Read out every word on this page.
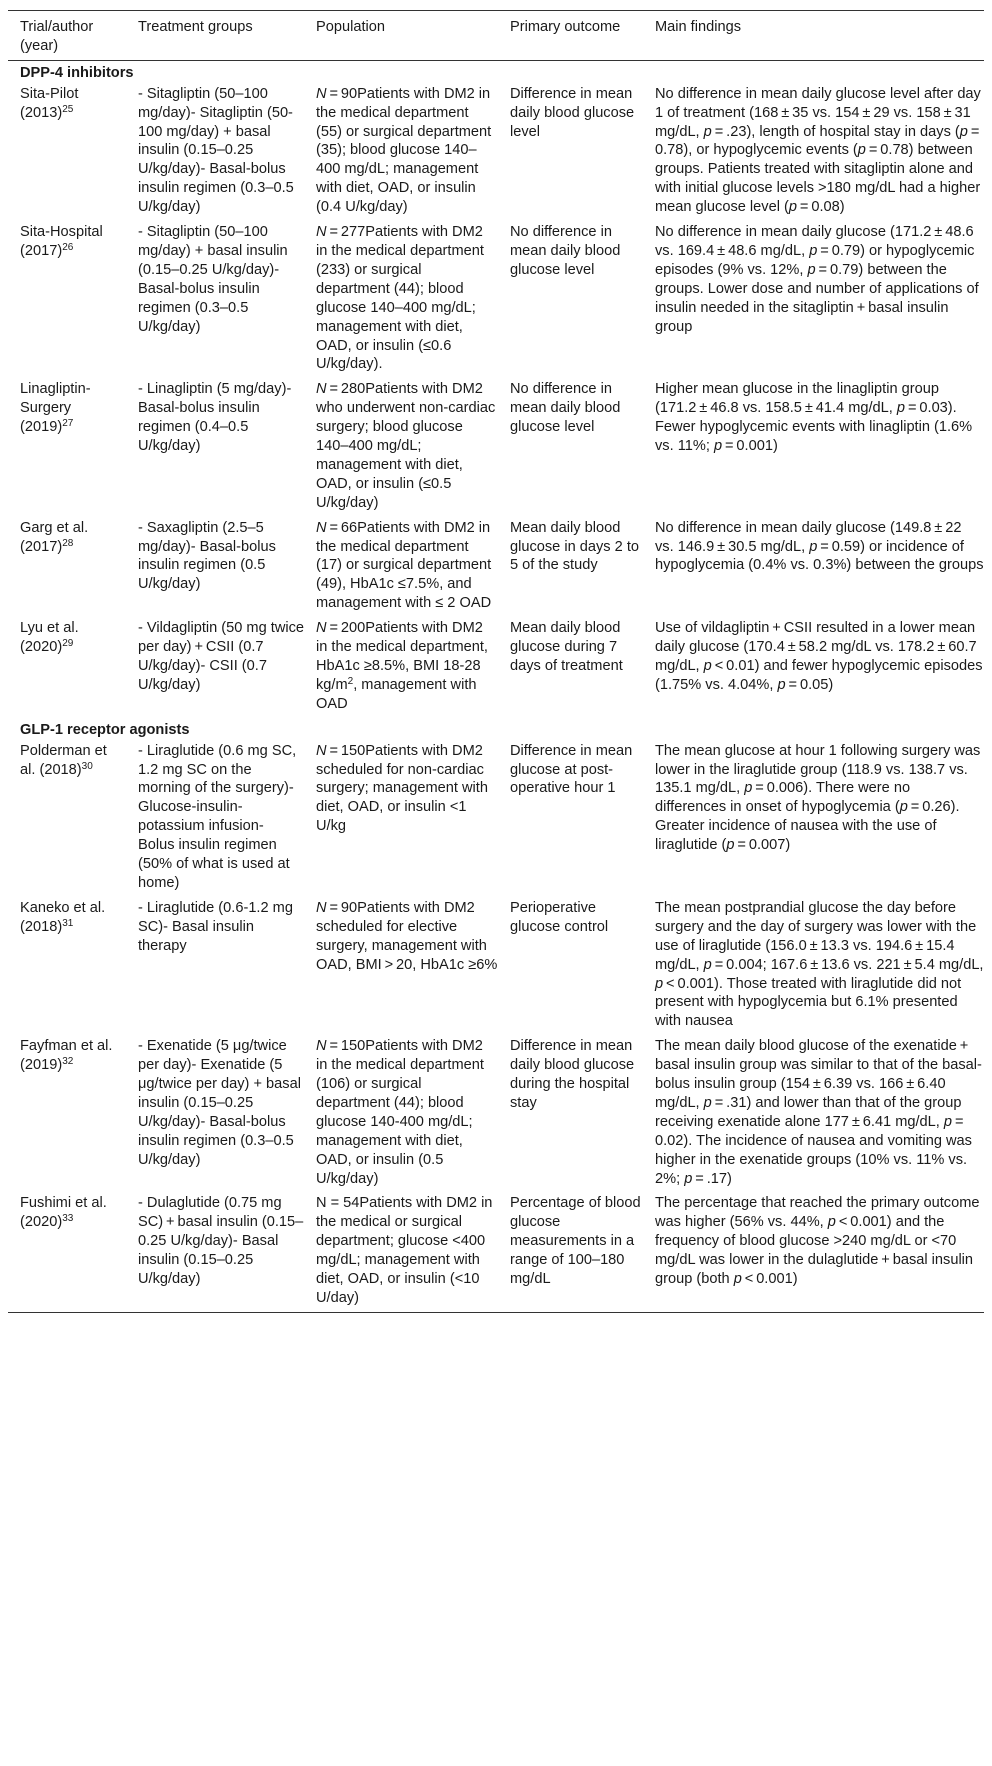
Trial/author (year)	Treatment groups	Population	Primary outcome	Main findings
DPP-4 inhibitors				
Sita-Pilot $(2013)^{25}$	- Sitagliptin (50–100 mg/day)- Sitagliptin (50-100 mg/day) + basal insulin (0.15–0.25 U/kg/day)- Basal-bolus insulin regimen (0.3–0.5 U/kg/day)	N = 90Patients with DM2 in the medical department (55) or surgical department (35); blood glucose 140–400 mg/dL; management with diet, OAD, or insulin (0.4 U/kg/day)	Difference in mean daily blood glucose level	No difference in mean daily glucose level after day 1 of treatment (168 ± 35 vs. 154 ± 29 vs. 158 ± 31 mg/dL, p = .23), length of hospital stay in days (p = 0.78), or hypoglycemic events (p = 0.78) between groups. Patients treated with sitagliptin alone and with initial glucose levels >180 mg/dL had a higher mean glucose level (p = 0.08)
Sita-Hospital $(2017)^{26}$	- Sitagliptin (50–100 mg/day) + basal insulin (0.15–0.25 U/kg/day)- Basal-bolus insulin regimen (0.3–0.5 U/kg/day)	N = 277Patients with DM2 in the medical department (233) or surgical department (44); blood glucose 140–400 mg/dL; management with diet, OAD, or insulin (≤0.6 U/kg/day).	No difference in mean daily blood glucose level	No difference in mean daily glucose (171.2 ± 48.6 vs. 169.4 ± 48.6 mg/dL, p = 0.79) or hypoglycemic episodes (9% vs. 12%, p = 0.79) between the groups. Lower dose and number of applications of insulin needed in the sitagliptin + basal insulin group
Linagliptin-Surgery $(2019)^{27}$	- Linagliptin (5 mg/day)- Basal-bolus insulin regimen (0.4–0.5 U/kg/day)	N = 280Patients with DM2 who underwent non-cardiac surgery; blood glucose 140–400 mg/dL; management with diet, OAD, or insulin (≤0.5 U/kg/day)	No difference in mean daily blood glucose level	Higher mean glucose in the linagliptin group (171.2 ± 46.8 vs. 158.5 ± 41.4 mg/dL, p = 0.03). Fewer hypoglycemic events with linagliptin (1.6% vs. 11%; p = 0.001)
Garg et al. $(2017)^{28}$	- Saxagliptin (2.5–5 mg/day)- Basal-bolus insulin regimen (0.5 U/kg/day)	N = 66Patients with DM2 in the medical department (17) or surgical department (49), HbA1c ≤7.5%, and management with ≤ 2 OAD	Mean daily blood glucose in days 2 to 5 of the study	No difference in mean daily glucose (149.8 ± 22 vs. 146.9 ± 30.5 mg/dL, p = 0.59) or incidence of hypoglycemia (0.4% vs. 0.3%) between the groups
Lyu et al. $(2020)^{29}$	- Vildagliptin (50 mg twice per day) + CSII (0.7 U/kg/day)- CSII (0.7 U/kg/day)	N = 200Patients with DM2 in the medical department, HbA1c ≥8.5%, BMI 18-28 $kg/m^2$, management with OAD	Mean daily blood glucose during 7 days of treatment	Use of vildagliptin + CSII resulted in a lower mean daily glucose (170.4 ± 58.2 mg/dL vs. 178.2 ± 60.7 mg/dL, p < 0.01) and fewer hypoglycemic episodes (1.75% vs. 4.04%, p = 0.05)
GLP-1 receptor agonists				
Polderman et al. $(2018)^{30}$	- Liraglutide (0.6 mg SC, 1.2 mg SC on the morning of the surgery)- Glucose-insulin-potassium infusion- Bolus insulin regimen (50% of what is used at home)	N = 150Patients with DM2 scheduled for non-cardiac surgery; management with diet, OAD, or insulin <1 U/kg	Difference in mean glucose at post-operative hour 1	The mean glucose at hour 1 following surgery was lower in the liraglutide group (118.9 vs. 138.7 vs. 135.1 mg/dL, p = 0.006). There were no differences in onset of hypoglycemia (p = 0.26). Greater incidence of nausea with the use of liraglutide (p = 0.007)
Kaneko et al. $(2018)^{31}$	- Liraglutide (0.6-1.2 mg SC)- Basal insulin therapy	N = 90Patients with DM2 scheduled for elective surgery, management with OAD, BMI > 20, HbA1c ≥6%	Perioperative glucose control	The mean postprandial glucose the day before surgery and the day of surgery was lower with the use of liraglutide (156.0 ± 13.3 vs. 194.6 ± 15.4 mg/dL, p = 0.004; 167.6 ± 13.6 vs. 221 ± 5.4 mg/dL, p < 0.001). Those treated with liraglutide did not present with hypoglycemia but 6.1% presented with nausea
Fayfman et al. $(2019)^{32}$	- Exenatide (5 μg/twice per day)- Exenatide (5 μg/twice per day) + basal insulin (0.15–0.25 U/kg/day)- Basal-bolus insulin regimen (0.3–0.5 U/kg/day)	N = 150Patients with DM2 in the medical department (106) or surgical department (44); blood glucose 140-400 mg/dL; management with diet, OAD, or insulin (0.5 U/kg/day)	Difference in mean daily blood glucose during the hospital stay	The mean daily blood glucose of the exenatide + basal insulin group was similar to that of the basal-bolus insulin group (154 ± 6.39 vs. 166 ± 6.40 mg/dL, p = .31) and lower than that of the group receiving exenatide alone 177 ± 6.41 mg/dL, p = 0.02). The incidence of nausea and vomiting was higher in the exenatide groups (10% vs. 11% vs. 2%; p = .17)
Fushimi et al. $(2020)^{33}$	- Dulaglutide (0.75 mg SC) + basal insulin (0.15–0.25 U/kg/day)- Basal insulin (0.15–0.25 U/kg/day)	N = 54Patients with DM2 in the medical or surgical department; glucose <400 mg/dL; management with diet, OAD, or insulin (<10 U/day)	Percentage of blood glucose measurements in a range of 100–180 mg/dL	The percentage that reached the primary outcome was higher (56% vs. 44%, p < 0.001) and the frequency of blood glucose >240 mg/dL or <70 mg/dL was lower in the dulaglutide + basal insulin group (both p < 0.001)
